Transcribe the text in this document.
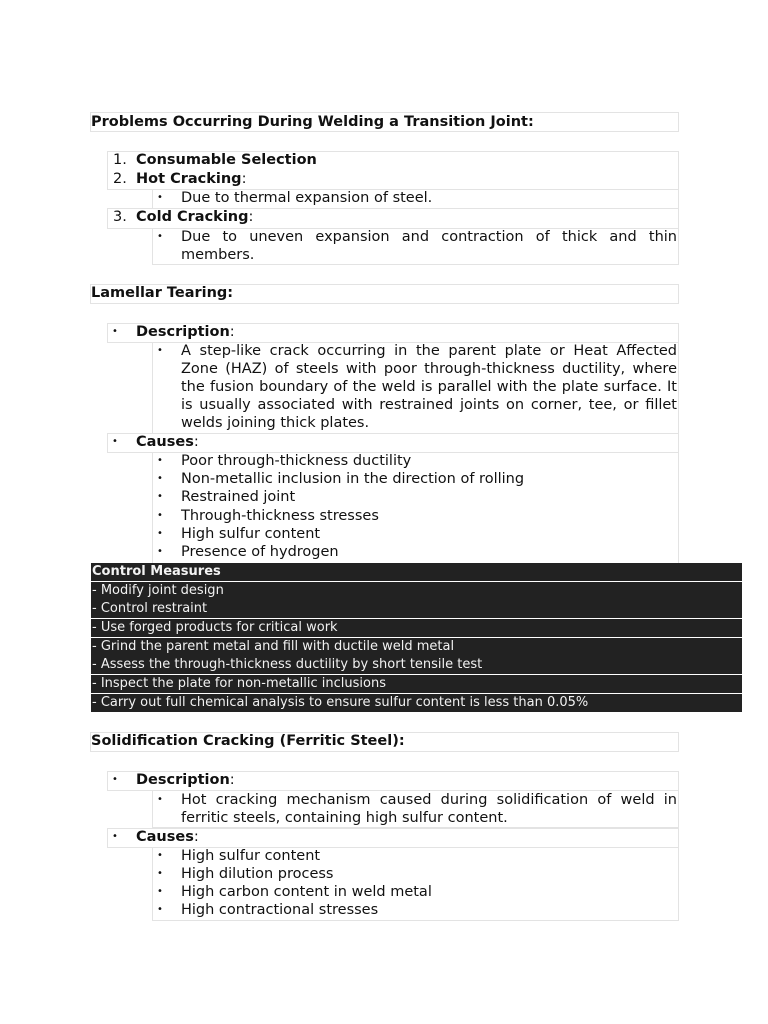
Problems Occurring During Welding a Transition Joint:
1. Consumable Selection
2. Hot Cracking:
• Due to thermal expansion of steel.
3. Cold Cracking:
• Due to uneven expansion and contraction of thick and thin members.
Lamellar Tearing:
• Description:
• A step-like crack occurring in the parent plate or Heat Affected Zone (HAZ) of steels with poor through-thickness ductility, where the fusion boundary of the weld is parallel with the plate surface. It is usually associated with restrained joints on corner, tee, or fillet welds joining thick plates.
• Causes:
• Poor through-thickness ductility
• Non-metallic inclusion in the direction of rolling
• Restrained joint
• Through-thickness stresses
• High sulfur content
• Presence of hydrogen
Control Measures
- Modify joint design
- Control restraint
- Use forged products for critical work
- Grind the parent metal and fill with ductile weld metal
- Assess the through-thickness ductility by short tensile test
- Inspect the plate for non-metallic inclusions
- Carry out full chemical analysis to ensure sulfur content is less than 0.05%
Solidification Cracking (Ferritic Steel):
• Description:
• Hot cracking mechanism caused during solidification of weld in ferritic steels, containing high sulfur content.
• Causes:
• High sulfur content
• High dilution process
• High carbon content in weld metal
• High contractional stresses
